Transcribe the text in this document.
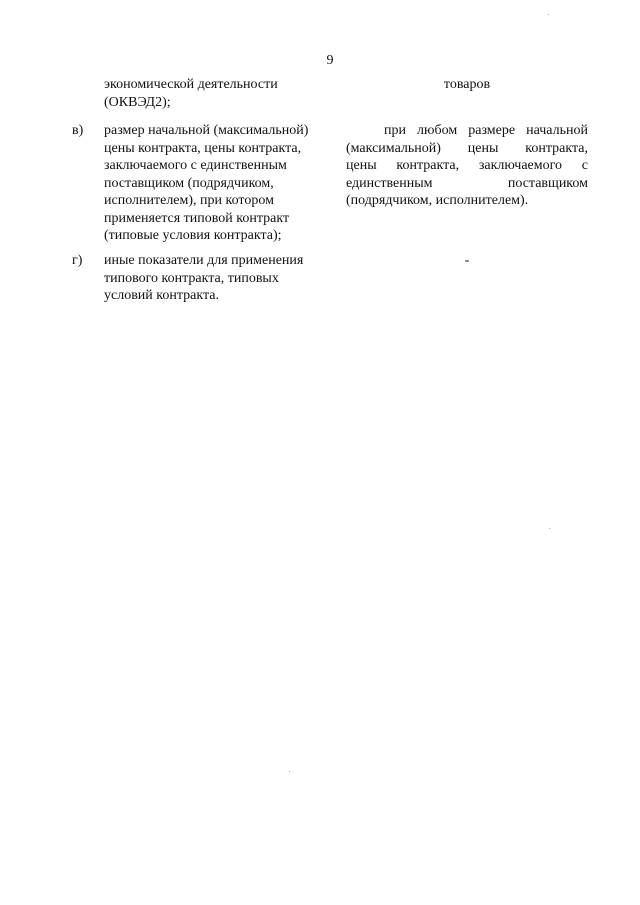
9
экономической деятельности
(ОКВЭД2);
товаров
в) размер начальной (максимальной)
цены контракта, цены контракта,
заключаемого с единственным
поставщиком (подрядчиком,
исполнителем), при котором
применяется типовой контракт
(типовые условия контракта);
при любом размере начальной
(максимальной) цены контракта,
цены контракта, заключаемого с
единственным поставщиком
(подрядчиком, исполнителем).
г) иные показатели для применения
типового контракта, типовых
условий контракта.
-
